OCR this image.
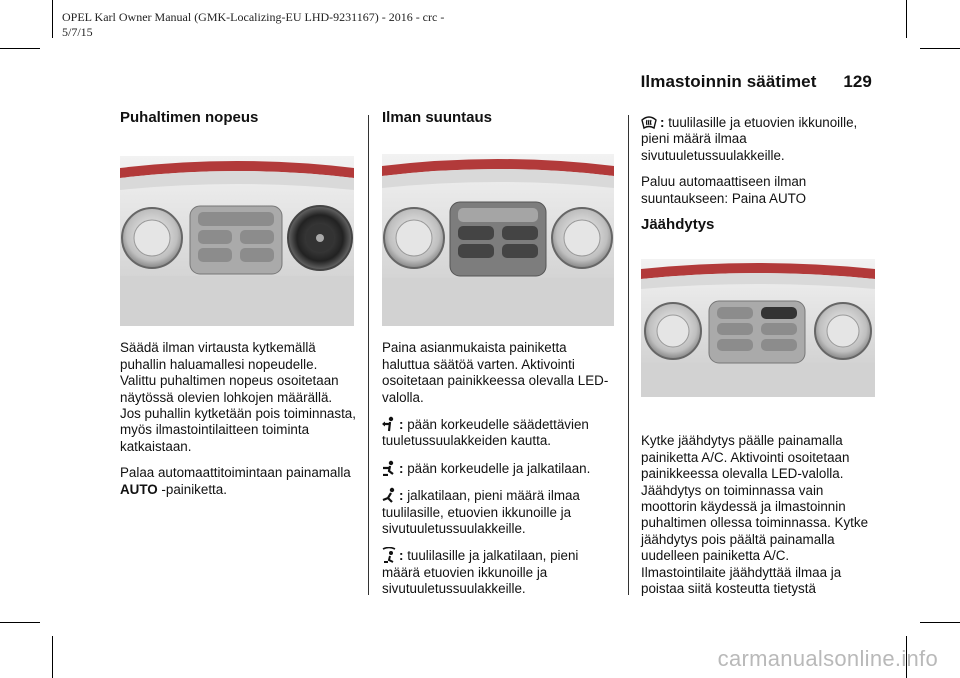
OPEL Karl Owner Manual (GMK-Localizing-EU LHD-9231167) - 2016 - crc -
5/7/15
Ilmastoinnin säätimet 129
Puhaltimen nopeus

Säädä ilman virtausta kytkemällä puhallin haluamallesi nopeudelle. Valittu puhaltimen nopeus osoitetaan näytössä olevien lohkojen määrällä. Jos puhallin kytketään pois toiminnasta, myös ilmastointilaitteen toiminta katkaistaan.

Palaa automaattitoimintaan painamalla AUTO -painiketta.

Ilman suuntaus

Paina asianmukaista painiketta haluttua säätöä varten. Aktivointi osoitetaan painikkeessa olevalla LED-valolla.

: pään korkeudelle säädettävien tuuletussuulakkeiden kautta.

: pään korkeudelle ja jalkatilaan.

: jalkatilaan, pieni määrä ilmaa tuulilasille, etuovien ikkunoille ja sivutuuletussuulakkeille.

: tuulilasille ja jalkatilaan, pieni määrä etuovien ikkunoille ja sivutuuletussuulakkeille.

: tuulilasille ja etuovien ikkunoille, pieni määrä ilmaa sivutuuletussuulakkeille.

Paluu automaattiseen ilman suuntaukseen: Paina AUTO

Jäähdytys

Kytke jäähdytys päälle painamalla painiketta A/C. Aktivointi osoitetaan painikkeessa olevalla LED-valolla. Jäähdytys on toiminnassa vain moottorin käydessä ja ilmastoinnin puhaltimen ollessa toiminnassa. Kytke jäähdytys pois päältä painamalla uudelleen painiketta A/C. Ilmastointilaite jäähdyttää ilmaa ja poistaa siitä kosteutta tietystä

carmanualsonline.info
